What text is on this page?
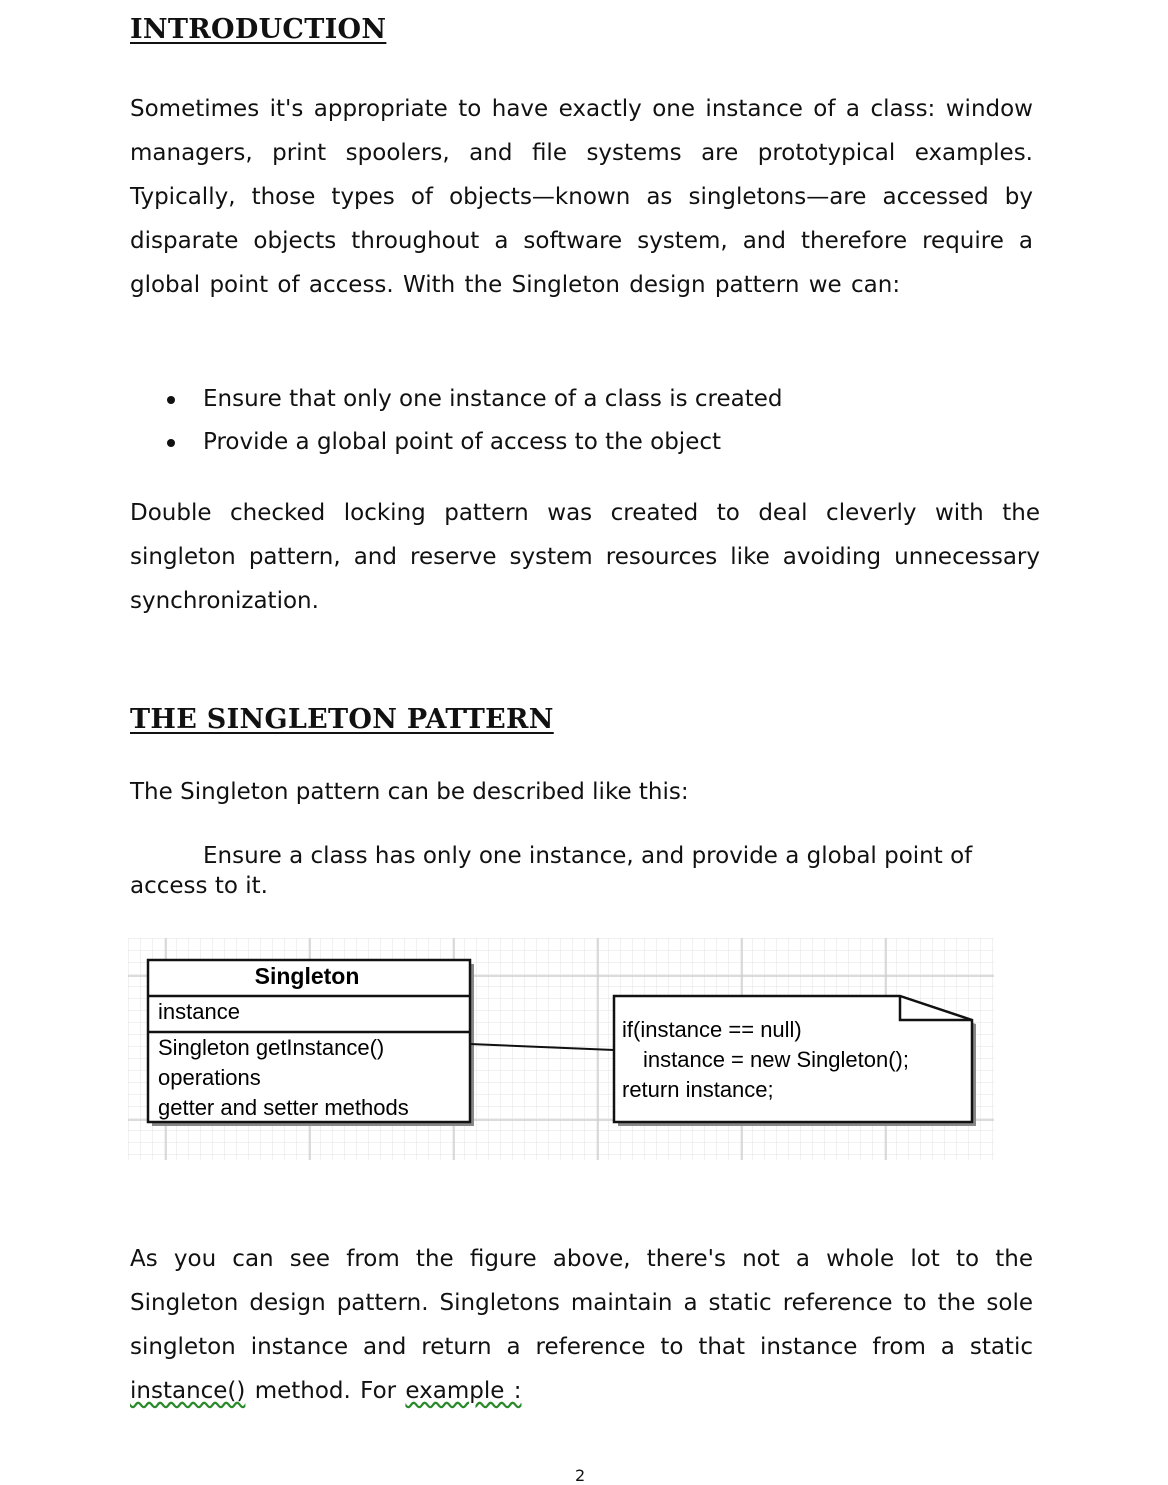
INTRODUCTION

Sometimes it's appropriate to have exactly one instance of a class: window managers, print spoolers, and file systems are prototypical examples. Typically, those types of objects—known as singletons—are accessed by disparate objects throughout a software system, and therefore require a global point of access. With the Singleton design pattern we can:

Ensure that only one instance of a class is created
Provide a global point of access to the object

Double checked locking pattern was created to deal cleverly with the singleton pattern, and reserve system resources like avoiding unnecessary synchronization.

THE SINGLETON PATTERN

The Singleton pattern can be described like this:

Ensure a class has only one instance, and provide a global point of access to it.

Singleton
instance
Singleton getInstance()
operations
getter and setter methods
if(instance == null)
instance = new Singleton();
return instance;

As you can see from the figure above, there's not a whole lot to the Singleton design pattern. Singletons maintain a static reference to the sole singleton instance and return a reference to that instance from a static instance() method. For example :

2
